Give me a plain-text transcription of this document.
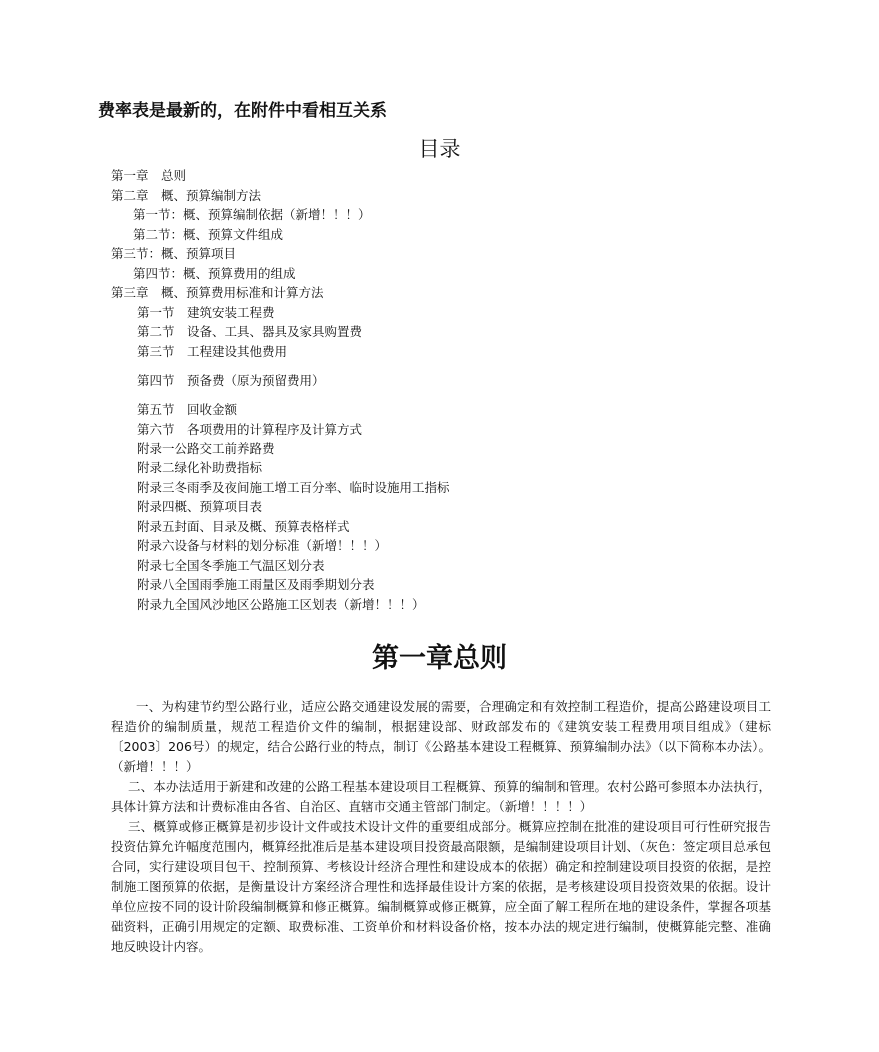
费率表是最新的，在附件中看相互关系
目录
第一章　总则
第二章　概、预算编制方法
第一节：概、预算编制依据（新增！！！）
第二节：概、预算文件组成
第三节：概、预算项目
第四节：概、预算费用的组成
第三章　概、预算费用标准和计算方法
第一节　建筑安装工程费
第二节　设备、工具、器具及家具购置费
第三节　工程建设其他费用
第四节　预备费（原为预留费用）
第五节　回收金额
第六节　各项费用的计算程序及计算方式
附录一公路交工前养路费
附录二绿化补助费指标
附录三冬雨季及夜间施工增工百分率、临时设施用工指标
附录四概、预算项目表
附录五封面、目录及概、预算表格样式
附录六设备与材料的划分标准（新增！！！）
附录七全国冬季施工气温区划分表
附录八全国雨季施工雨量区及雨季期划分表
附录九全国风沙地区公路施工区划表（新增！！！）
第一章总则
一、为构建节约型公路行业，适应公路交通建设发展的需要，合理确定和有效控制工程造价，提高公路建设项目工程造价的编制质量，规范工程造价文件的编制，根据建设部、财政部发布的《建筑安装工程费用项目组成》（建标〔2003〕206号）的规定，结合公路行业的特点，制订《公路基本建设工程概算、预算编制办法》（以下简称本办法）。（新增！！！）
二、本办法适用于新建和改建的公路工程基本建设项目工程概算、预算的编制和管理。农村公路可参照本办法执行，具体计算方法和计费标准由各省、自治区、直辖市交通主管部门制定。（新增！！！！）
三、概算或修正概算是初步设计文件或技术设计文件的重要组成部分。概算应控制在批准的建设项目可行性研究报告投资估算允许幅度范围内，概算经批准后是基本建设项目投资最高限额，是编制建设项目计划、（灰色：签定项目总承包合同，实行建设项目包干、控制预算、考核设计经济合理性和建设成本的依据）确定和控制建设项目投资的依据，是控制施工图预算的依据，是衡量设计方案经济合理性和选择最佳设计方案的依据，是考核建设项目投资效果的依据。设计单位应按不同的设计阶段编制概算和修正概算。编制概算或修正概算，应全面了解工程所在地的建设条件，掌握各项基础资料，正确引用规定的定额、取费标准、工资单价和材料设备价格，按本办法的规定进行编制，使概算能完整、准确地反映设计内容。
